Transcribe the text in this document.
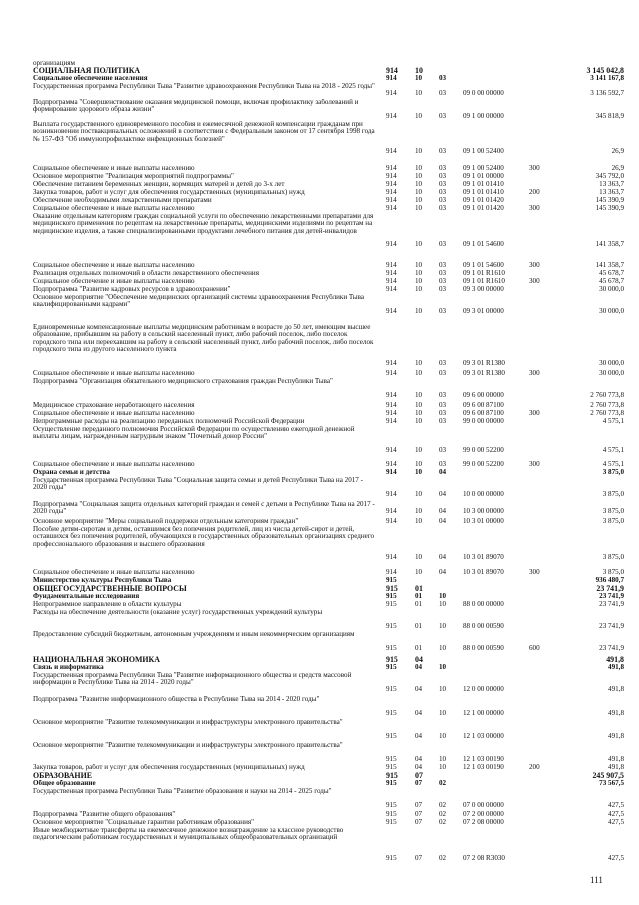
организациям
СОЦИАЛЬНАЯ ПОЛИТИКА	914	10	3 145 042,8
Социальное обеспечение населения	914	10	03	3 141 167,8
Государственная программа Республики Тыва "Развитие здравоохранения Республики Тыва на 2018 - 2025 годы"
914	10	03	09 0 00 00000	3 136 592,7
Подпрограмма "Совершенствование оказания медицинской помощи, включая профилактику заболеваний и формирование здорового образа жизни"
914	10	03	09 1 00 00000	345 818,9
Выплата государственного единовременного пособия и ежемесячной денежной компенсации гражданам при возникновении поствакцинальных осложнений в соответствии с Федеральным законом от 17 сентября 1998 года № 157-ФЗ "Об иммунопрофилактике инфекционных болезней"
914	10	03	09 1 00 52400	26,9
Социальное обеспечение и иные выплаты населению	914	10	03	09 1 00 52400	300	26,9
Основное мероприятие "Реализация мероприятий подпрограммы"	914	10	03	09 1 01 00000	345 792,0
Обеспечение питанием беременных женщин, кормящих матерей и детей до 3-х лет	914	10	03	09 1 01 01410	13 363,7
Закупка товаров, работ и услуг для обеспечения государственных (муниципальных) нужд	914	10	03	09 1 01 01410	200	13 363,7
Обеспечение необходимыми лекарственными препаратами	914	10	03	09 1 01 01420	145 390,9
Социальное обеспечение и иные выплаты населению	914	10	03	09 1 01 01420	300	145 390,9
Оказание отдельным категориям граждан социальной услуги по обеспечению лекарственными препаратами для медицинского применения по рецептам на лекарственные препараты, медицинскими изделиями по рецептам на медицинские изделия, а также специализированными продуктами лечебного питания для детей-инвалидов
914	10	03	09 1 01 54600	141 358,7
Социальное обеспечение и иные выплаты населению	914	10	03	09 1 01 54600	300	141 358,7
Реализация отдельных полномочий в области лекарственного обеспечения	914	10	03	09 1 01 R1610	45 678,7
Социальное обеспечение и иные выплаты населению	914	10	03	09 1 01 R1610	300	45 678,7
Подпрограмма "Развитие кадровых ресурсов в здравоохранении"	914	10	03	09 3 00 00000	30 000,0
Основное мероприятие "Обеспечение медицинских организаций системы здравоохранения Республики Тыва квалифицированными кадрами"
914	10	03	09 3 01 00000	30 000,0
Единовременные компенсационные выплаты медицинским работникам в возрасте до 50 лет, имеющим высшее образование, прибывшим на работу в сельский населенный пункт, либо рабочий поселок, либо поселок городского типа или переехавшим на работу в сельский населенный пункт, либо рабочий поселок, либо поселок городского типа из другого населенного пункта
914	10	03	09 3 01 R1380	30 000,0
Социальное обеспечение и иные выплаты населению	914	10	03	09 3 01 R1380	300	30 000,0
Подпрограмма "Организация обязательного медицинского страхования граждан Республики Тыва"
914	10	03	09 6 00 00000	2 760 773,8
Медицинское страхование неработающего населения	914	10	03	09 6 00 87100	2 760 773,8
Социальное обеспечение и иные выплаты населению	914	10	03	09 6 00 87100	300	2 760 773,8
Непрограммные расходы на реализацию переданных полномочий Российской Федерации	914	10	03	99 0 00 00000	4 575,1
Осуществление переданного полномочия Российской Федерации по осуществлению ежегодной денежной выплаты лицам, награжденным нагрудным знаком "Почетный донор России"
914	10	03	99 0 00 52200	4 575,1
Социальное обеспечение и иные выплаты населению	914	10	03	99 0 00 52200	300	4 575,1
Охрана семьи и детства	914	10	04	3 875,0
Государственная программа Республики Тыва "Социальная защита семьи и детей Республики Тыва на 2017 - 2020 годы"
914	10	04	10 0 00 00000	3 875,0
Подпрограмма "Социальная защита отдельных категорий граждан и семей с детьми в Республике Тыва на 2017 - 2020 годы"	914	10	04	10 3 00 00000	3 875,0
Основное мероприятие "Меры социальной поддержки отдельным категориям граждан"	914	10	04	10 3 01 00000	3 875,0
Пособие детям-сиротам и детям, оставшимся без попечения родителей, лиц из числа детей-сирот и детей, оставшихся без попечения родителей, обучающихся в государственных образовательных организациях среднего профессионального образования и высшего образования
914	10	04	10 3 01 89070	3 875,0
Социальное обеспечение и иные выплаты населению	914	10	04	10 3 01 89070	300	3 875,0
Министерство культуры Республики Тыва	915	936 480,7
ОБЩЕГОСУДАРСТВЕННЫЕ ВОПРОСЫ	915	01	23 741,9
Фундаментальные исследования	915	01	10	23 741,9
Непрограммное направление в области культуры	915	01	10	88 0 00 00000	23 741,9
Расходы на обеспечение деятельности (оказание услуг) государственных учреждений культуры
915	01	10	88 0 00 00590	23 741,9
Предоставление субсидий бюджетным, автономным учреждениям и иным некоммерческим организациям
915	01	10	88 0 00 00590	600	23 741,9
НАЦИОНАЛЬНАЯ ЭКОНОМИКА	915	04	491,8
Связь и информатика	915	04	10	491,8
Государственная программа Республики Тыва "Развитие информационного общества и средств массовой информации в Республике Тыва на 2014 - 2020 годы"
915	04	10	12 0 00 00000	491,8
Подпрограмма "Развитие информационного общества в Республике Тыва на 2014 - 2020 годы"
915	04	10	12 1 00 00000	491,8
Основное мероприятие "Развитие телекоммуникации и инфраструктуры электронного правительства"
915	04	10	12 1 03 00000	491,8
Основное мероприятие "Развитие телекоммуникации и инфраструктуры электронного правительства"
915	04	10	12 1 03 00190	491,8
Закупка товаров, работ и услуг для обеспечения государственных (муниципальных) нужд	915	04	10	12 1 03 00190	200	491,8
ОБРАЗОВАНИЕ	915	07	245 907,5
Общее образование	915	07	02	73 567,5
Государственная программа Республики Тыва "Развитие образования и науки на 2014 - 2025 годы"
915	07	02	07 0 00 00000	427,5
Подпрограмма "Развитие общего образования"	915	07	02	07 2 00 00000	427,5
Основное мероприятие "Социальные гарантии работникам образования"	915	07	02	07 2 08 00000	427,5
Иные межбюджетные трансферты на ежемесячное денежное вознаграждение за классное руководство педагогическим работникам государственных и муниципальных общеобразовательных организаций
915	07	02	07 2 08 R3030	427,5
111
